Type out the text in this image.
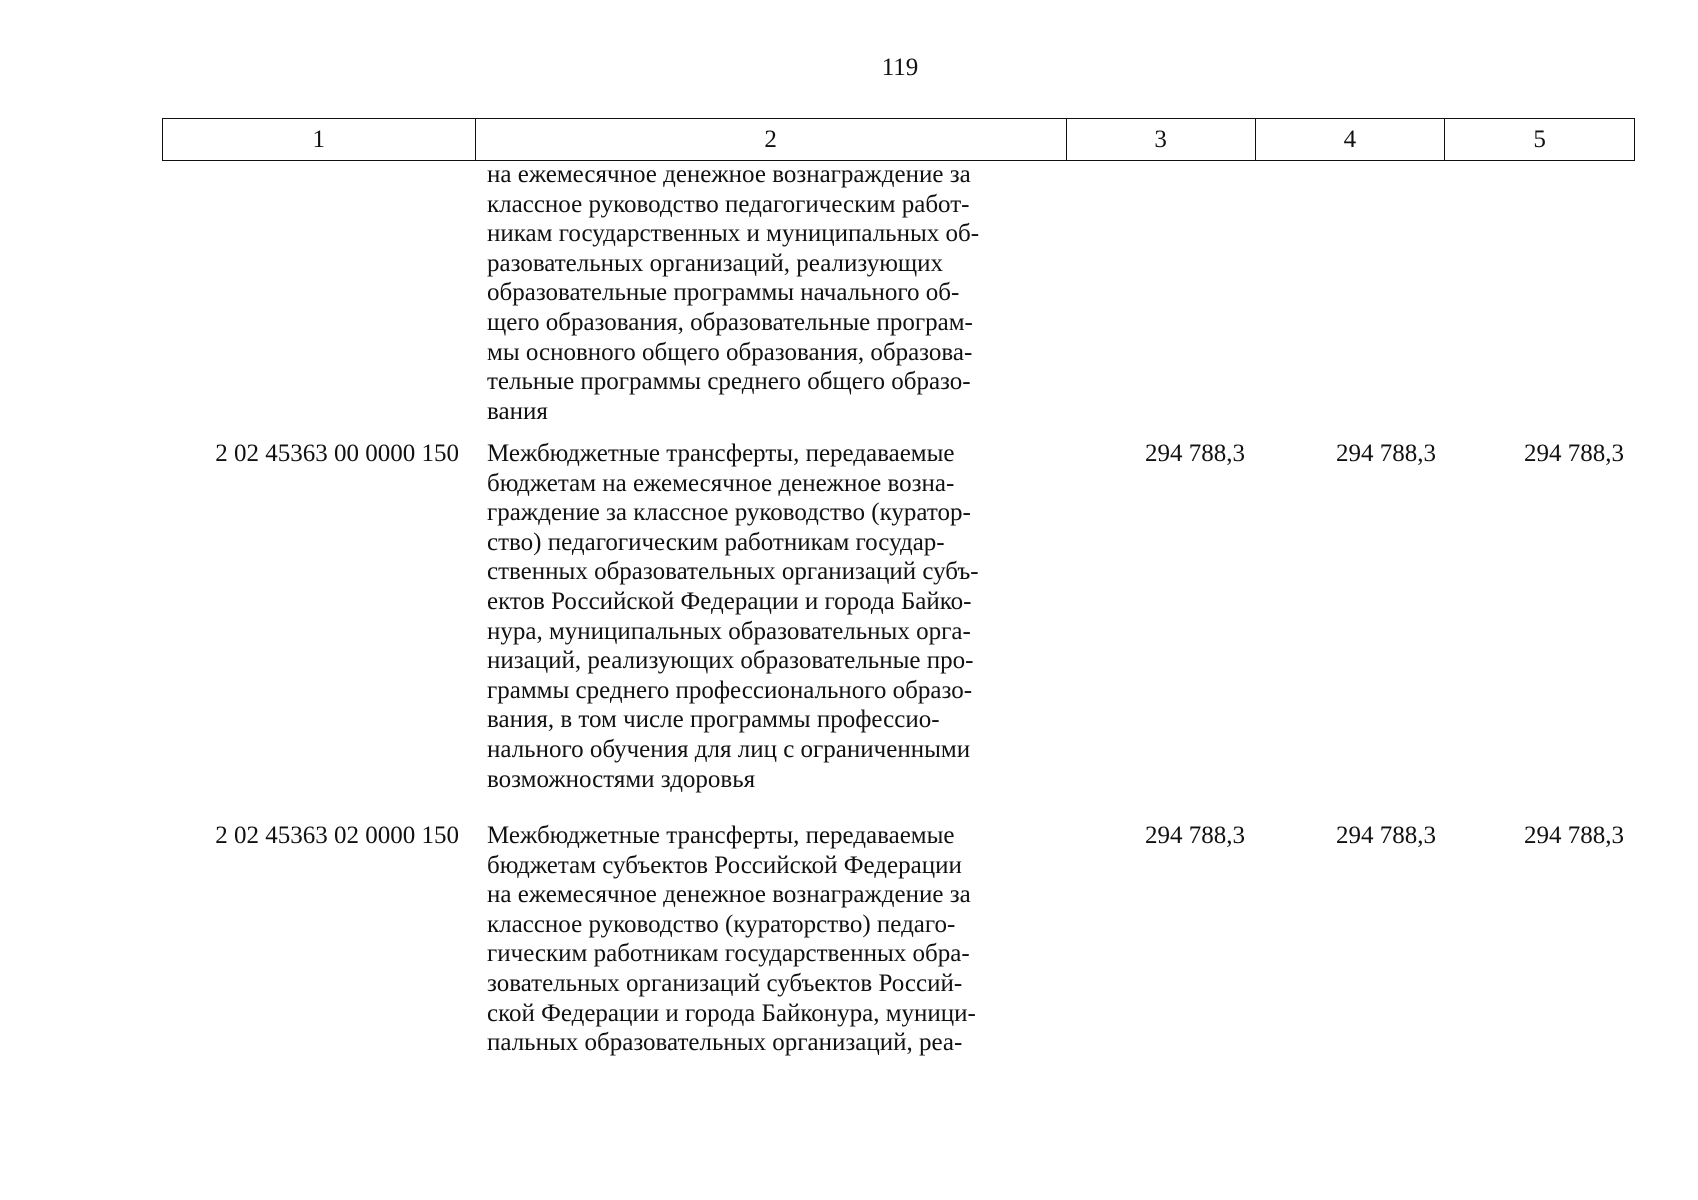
119
1	2	3	4	5
на ежемесячное денежное вознаграждение за
классное руководство педагогическим работ-
никам государственных и муниципальных об-
разовательных организаций, реализующих
образовательные программы начального об-
щего образования, образовательные програм-
мы основного общего образования, образова-
тельные программы среднего общего образо-
вания
2 02 45363 00 0000 150 Межбюджетные трансферты, передаваемые
бюджетам на ежемесячное денежное возна-
граждение за классное руководство (куратор-
ство) педагогическим работникам государ-
ственных образовательных организаций субъ-
ектов Российской Федерации и города Байко-
нура, муниципальных образовательных орга-
низаций, реализующих образовательные про-
граммы среднего профессионального образо-
вания, в том числе программы профессио-
нального обучения для лиц с ограниченными
возможностями здоровья
294 788,3	294 788,3	294 788,3
2 02 45363 02 0000 150 Межбюджетные трансферты, передаваемые
бюджетам субъектов Российской Федерации
на ежемесячное денежное вознаграждение за
классное руководство (кураторство) педаго-
гическим работникам государственных обра-
зовательных организаций субъектов Россий-
ской Федерации и города Байконура, муници-
пальных образовательных организаций, реа-
294 788,3	294 788,3	294 788,3
